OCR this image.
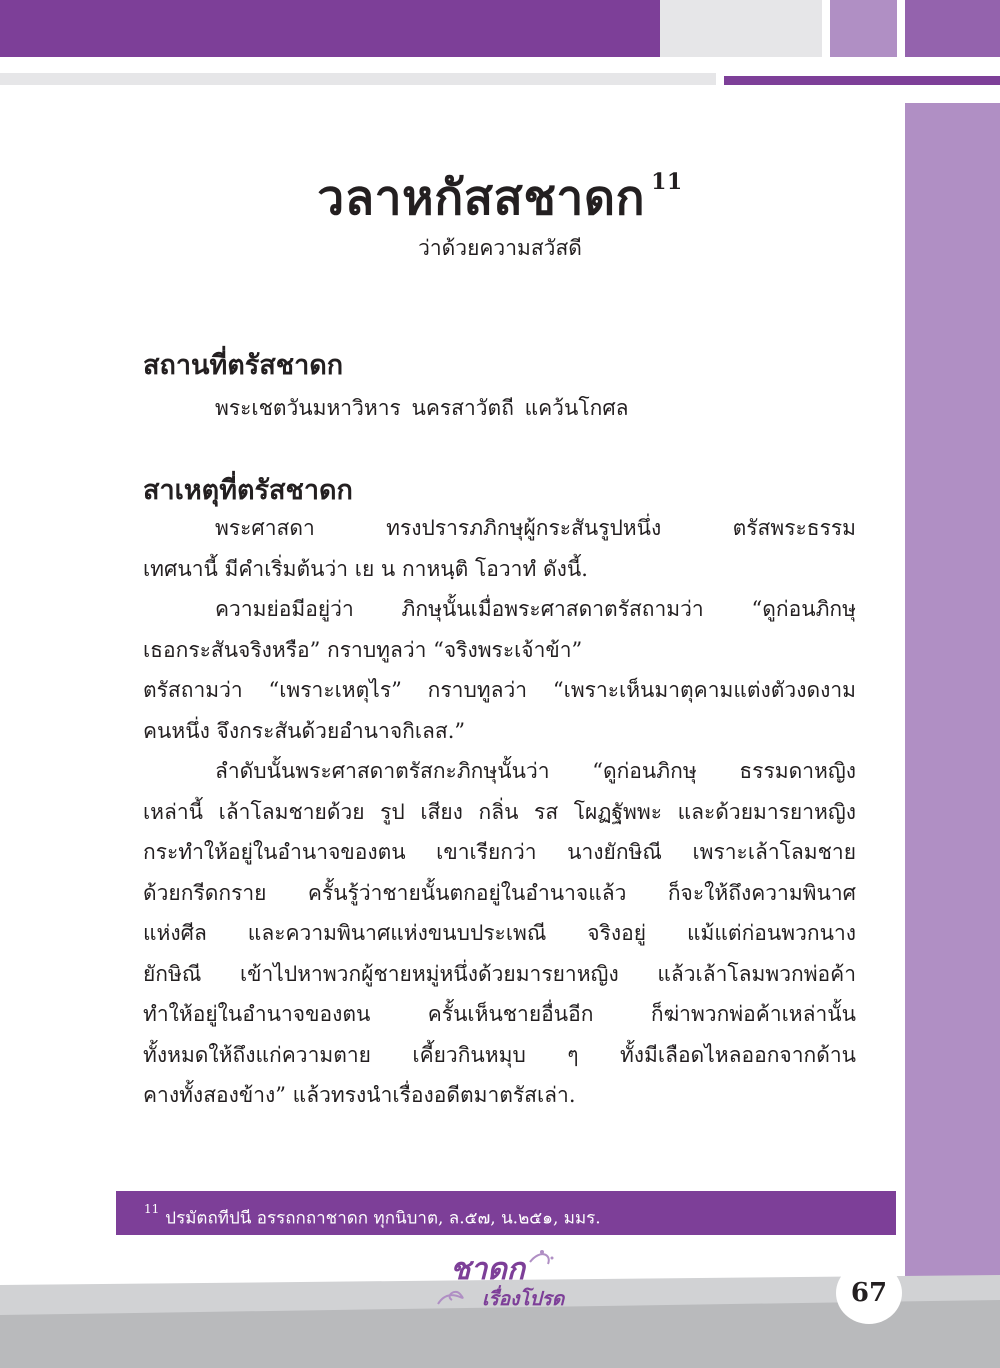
วลาหกัสสชาดก $^{11}$
ว่าด้วยความสวัสดี
สถานที่ตรัสชาดก
พระเชตวันมหาวิหาร นครสาวัตถี แคว้นโกศล
สาเหตุที่ตรัสชาดก
พระศาสดา ทรงปรารภภิกษุผู้กระสันรูปหนึ่ง ตรัสพระธรรม
เทศนานี้ มีคำเริ่มต้นว่า เย น กาหนฺติ โอวาทํ ดังนี้.
ความย่อมีอยู่ว่า ภิกษุนั้นเมื่อพระศาสดาตรัสถามว่า “ดูก่อนภิกษุ
เธอกระสันจริงหรือ” กราบทูลว่า “จริงพระเจ้าข้า”
ตรัสถามว่า “เพราะเหตุไร” กราบทูลว่า “เพราะเห็นมาตุคามแต่งตัวงดงาม
คนหนึ่ง จึงกระสันด้วยอำนาจกิเลส.”
ลำดับนั้นพระศาสดาตรัสกะภิกษุนั้นว่า “ดูก่อนภิกษุ ธรรมดาหญิง
เหล่านี้ เล้าโลมชายด้วย รูป เสียง กลิ่น รส โผฏฐัพพะ และด้วยมารยาหญิง
กระทำให้อยู่ในอำนาจของตน เขาเรียกว่า นางยักษิณี เพราะเล้าโลมชาย
ด้วยกรีดกราย ครั้นรู้ว่าชายนั้นตกอยู่ในอำนาจแล้ว ก็จะให้ถึงความพินาศ
แห่งศีล และความพินาศแห่งขนบประเพณี จริงอยู่ แม้แต่ก่อนพวกนาง
ยักษิณี เข้าไปหาพวกผู้ชายหมู่หนึ่งด้วยมารยาหญิง แล้วเล้าโลมพวกพ่อค้า
ทำให้อยู่ในอำนาจของตน ครั้นเห็นชายอื่นอีก ก็ฆ่าพวกพ่อค้าเหล่านั้น
ทั้งหมดให้ถึงแก่ความตาย เคี้ยวกินหมุบ ๆ ทั้งมีเลือดไหลออกจากด้าน
คางทั้งสองข้าง” แล้วทรงนำเรื่องอดีตมาตรัสเล่า.
$^{11}$ ปรมัตถทีปนี อรรถกถาชาดก ทุกนิบาต, ล.๕๗, น.๒๕๑, มมร.
ชาดก
เรื่องโปรด	67
